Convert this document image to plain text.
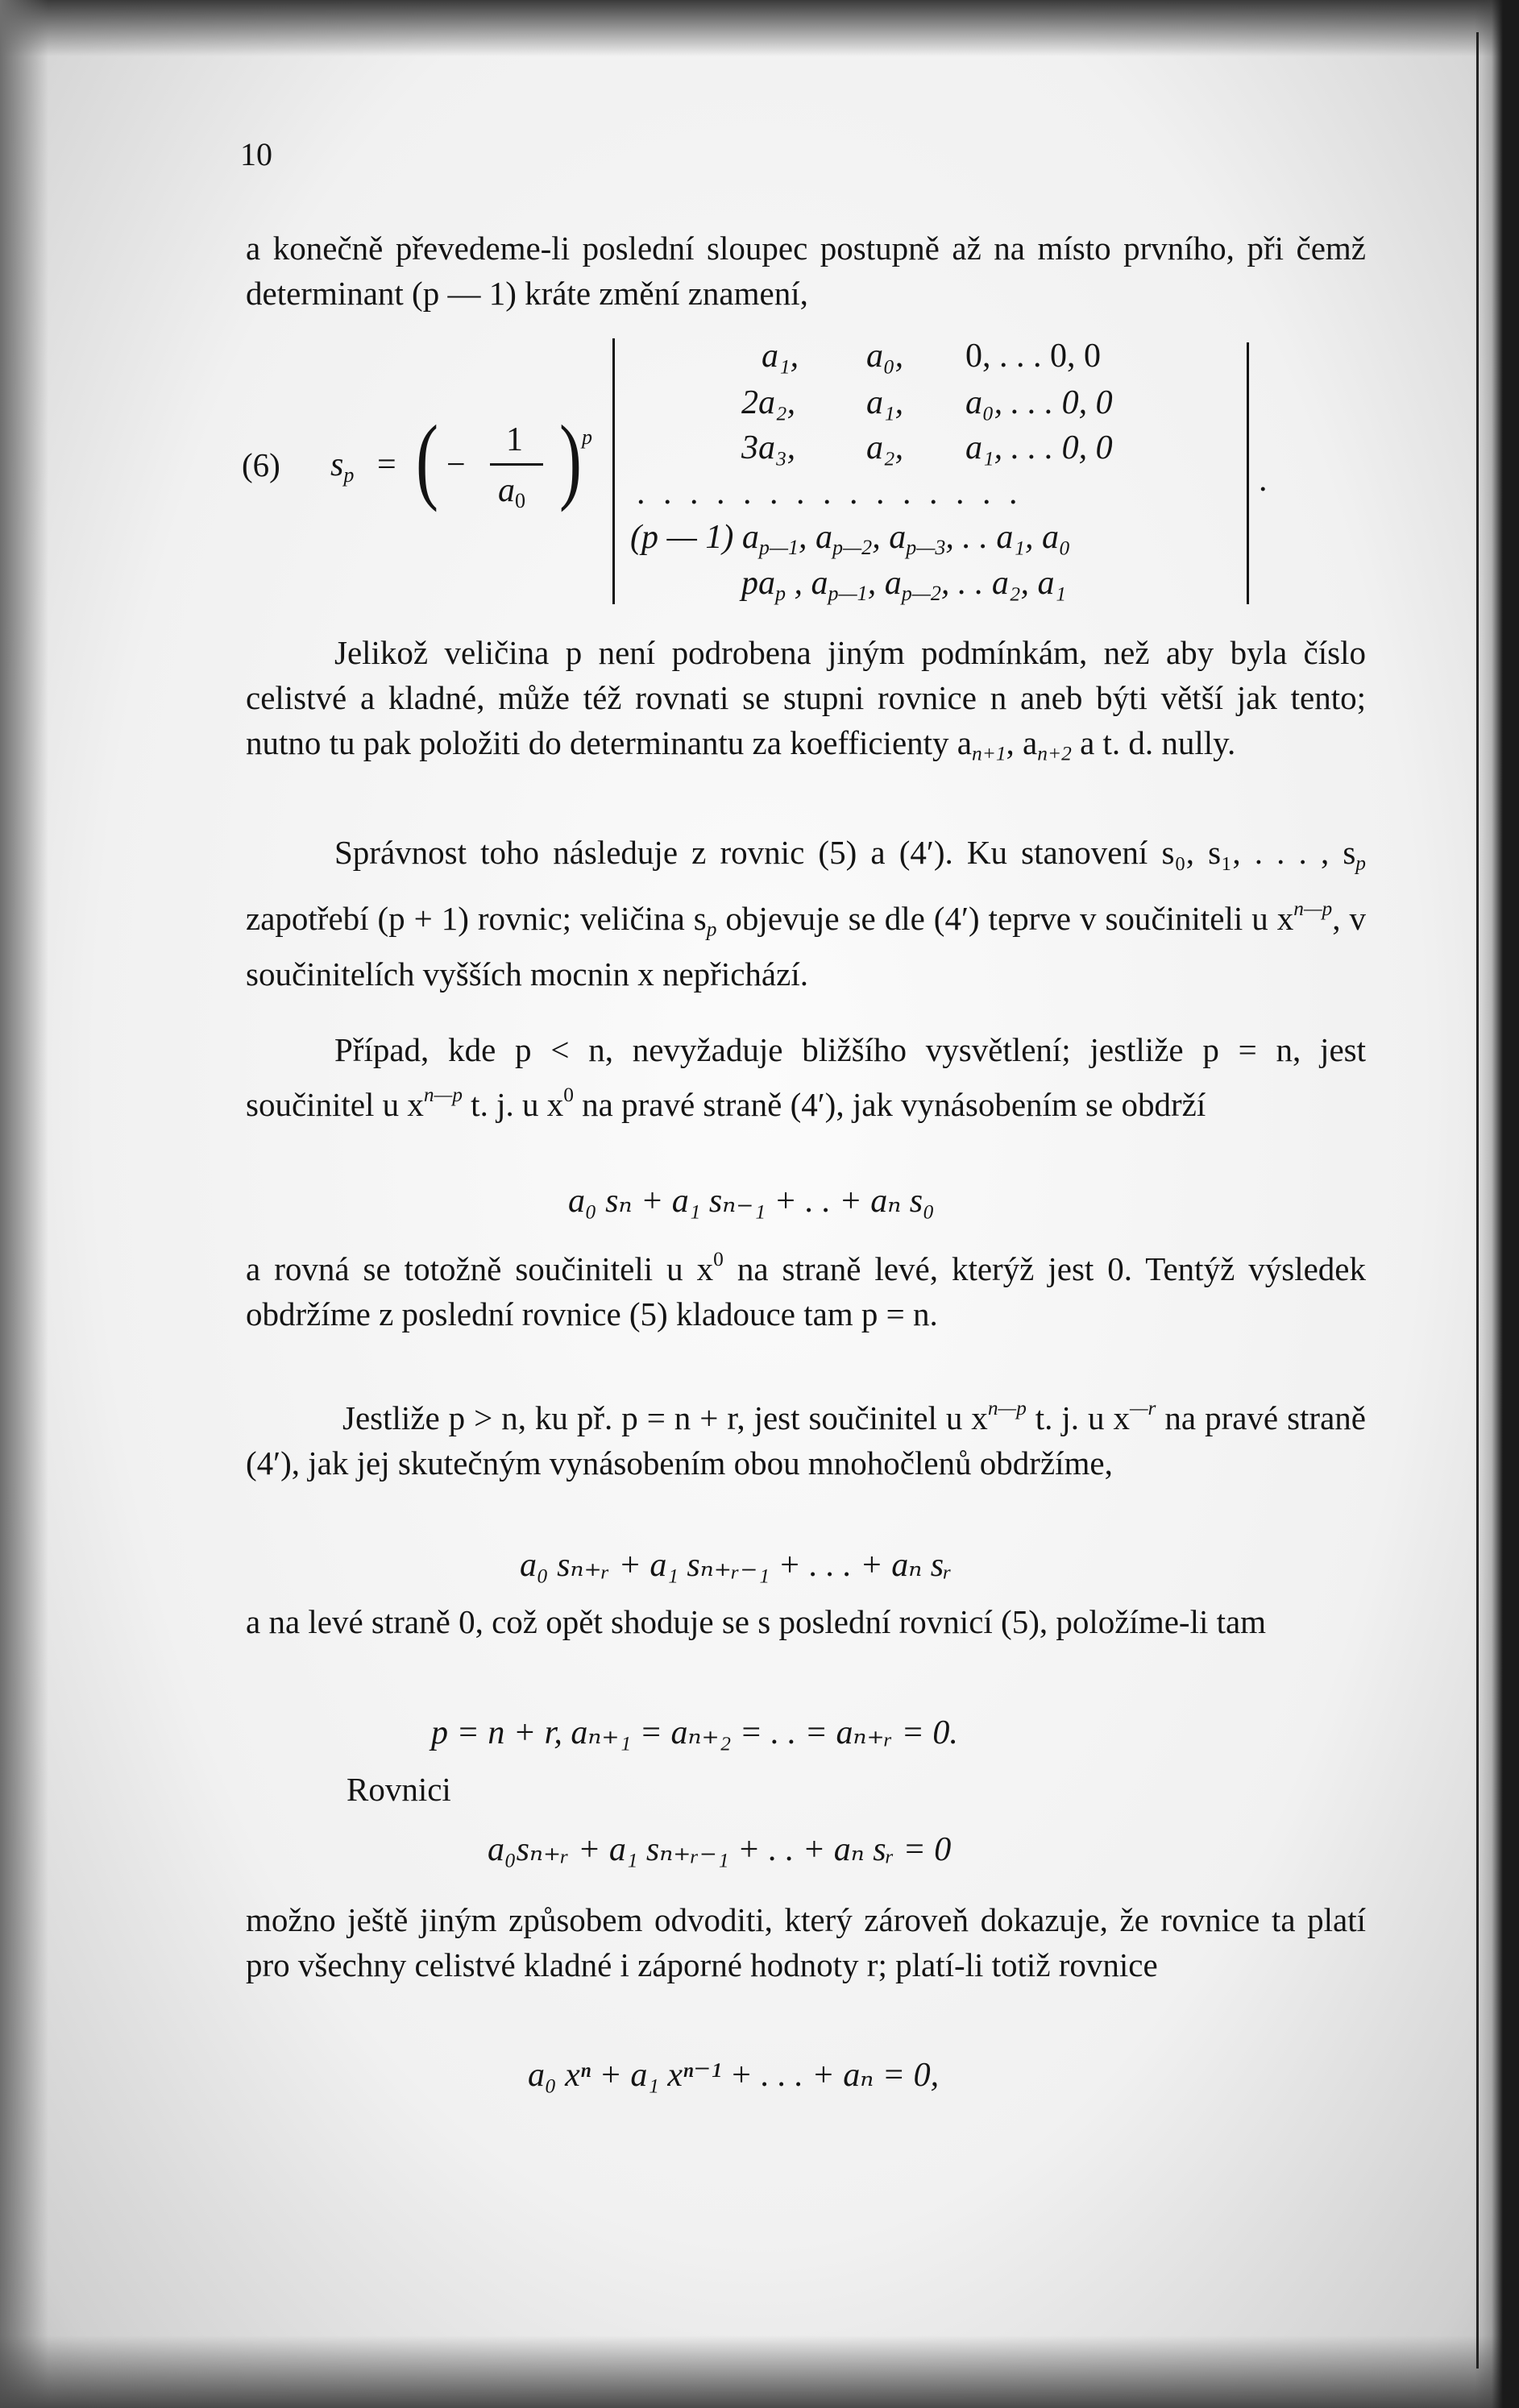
10
a konečně převedeme-li poslední sloupec postupně až na místo prvního, při čemž determinant (p — 1) kráte změní znamení,
(6) $s_p$ = ( −
1
$a_0$ ) p
a₁, a₀, 0, . . . 0, 0
2a₂, a₁, a₀, . . . 0, 0
3a₃, a₂, a₁, . . . 0, 0
. . . . . . . . . . . . . . .
(p — 1) $a_{p—1}$, $a_{p—2}$, $a_{p—3}$, . . a₁, a₀
$pa_p$ , $a_{p—1}$, $a_{p—2}$, . . a₂, a₁
.
Jelikož veličina p není podrobena jiným podmínkám, než aby byla číslo celistvé a kladné, může též rovnati se stupni rovnice n aneb býti větší jak tento; nutno tu pak položiti do determinantu za koefficienty $a_{n+1}$, $a_{n+2}$ a t. d. nully.
Správnost toho následuje z rovnic (5) a (4′). Ku stanovení s₀, s₁, . . . , $s_p$ zapotřebí (p + 1) rovnic; veličina $s_p$ objevuje se dle (4′) teprve v součiniteli u $x^{n—p}$, v součinitelích vyšších mocnin x nepřichází.
Případ, kde p < n, nevyžaduje bližšího vysvětlení; jestliže p = n, jest součinitel u $x^{n—p}$ t. j. u $x^0$ na pravé straně (4′), jak vynásobením se obdrží
a₀ sₙ + a₁ sₙ₋₁ + . . + aₙ s₀
a rovná se totožně součiniteli u $x^0$ na straně levé, kterýž jest 0. Tentýž výsledek obdržíme z poslední rovnice (5) kladouce tam p = n.
Jestliže p > n, ku př. p = n + r, jest součinitel u $x^{n—p}$ t. j. u $x^{—r}$ na pravé straně (4′), jak jej skutečným vynásobením obou mnohočlenů obdržíme,
a₀ sₙ₊ᵣ + a₁ sₙ₊ᵣ₋₁ + . . . + aₙ sᵣ
a na levé straně 0, což opět shoduje se s poslední rovnicí (5), položíme-li tam
p = n + r, aₙ₊₁ = aₙ₊₂ = . . = aₙ₊ᵣ = 0.
Rovnici
a₀sₙ₊ᵣ + a₁ sₙ₊ᵣ₋₁ + . . + aₙ sᵣ = 0
možno ještě jiným způsobem odvoditi, který zároveň dokazuje, že rovnice ta platí pro všechny celistvé kladné i záporné hodnoty r; platí-li totiž rovnice
a₀ xⁿ + a₁ xⁿ⁻¹ + . . . + aₙ = 0,
